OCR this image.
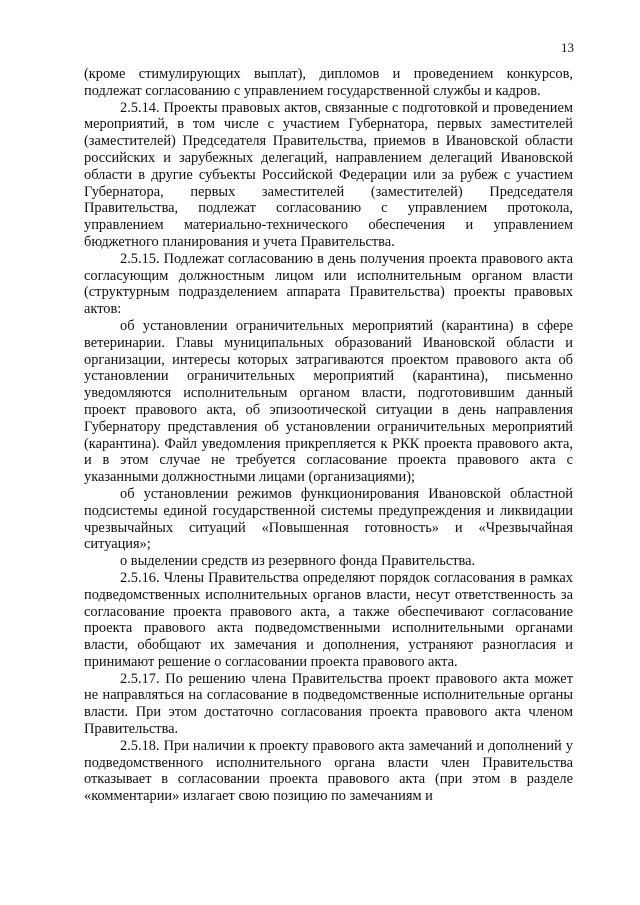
13

(кроме стимулирующих выплат), дипломов и проведением конкурсов, подлежат согласованию с управлением государственной службы и кадров.

2.5.14. Проекты правовых актов, связанные с подготовкой и проведением мероприятий, в том числе с участием Губернатора, первых заместителей (заместителей) Председателя Правительства, приемов в Ивановской области российских и зарубежных делегаций, направлением делегаций Ивановской области в другие субъекты Российской Федерации или за рубеж с участием Губернатора, первых заместителей (заместителей) Председателя Правительства, подлежат согласованию с управлением протокола, управлением материально-технического обеспечения и управлением бюджетного планирования и учета Правительства.

2.5.15. Подлежат согласованию в день получения проекта правового акта согласующим должностным лицом или исполнительным органом власти (структурным подразделением аппарата Правительства) проекты правовых актов:

об установлении ограничительных мероприятий (карантина) в сфере ветеринарии. Главы муниципальных образований Ивановской области и организации, интересы которых затрагиваются проектом правового акта об установлении ограничительных мероприятий (карантина), письменно уведомляются исполнительным органом власти, подготовившим данный проект правового акта, об эпизоотической ситуации в день направления Губернатору представления об установлении ограничительных мероприятий (карантина). Файл уведомления прикрепляется к РКК проекта правового акта, и в этом случае не требуется согласование проекта правового акта с указанными должностными лицами (организациями);

об установлении режимов функционирования Ивановской областной подсистемы единой государственной системы предупреждения и ликвидации чрезвычайных ситуаций «Повышенная готовность» и «Чрезвычайная ситуация»;

о выделении средств из резервного фонда Правительства.

2.5.16. Члены Правительства определяют порядок согласования в рамках подведомственных исполнительных органов власти, несут ответственность за согласование проекта правового акта, а также обеспечивают согласование проекта правового акта подведомственными исполнительными органами власти, обобщают их замечания и дополнения, устраняют разногласия и принимают решение о согласовании проекта правового акта.

2.5.17. По решению члена Правительства проект правового акта может не направляться на согласование в подведомственные исполнительные органы власти. При этом достаточно согласования проекта правового акта членом Правительства.

2.5.18. При наличии к проекту правового акта замечаний и дополнений у подведомственного исполнительного органа власти член Правительства отказывает в согласовании проекта правового акта (при этом в разделе «комментарии» излагает свою позицию по замечаниям и
